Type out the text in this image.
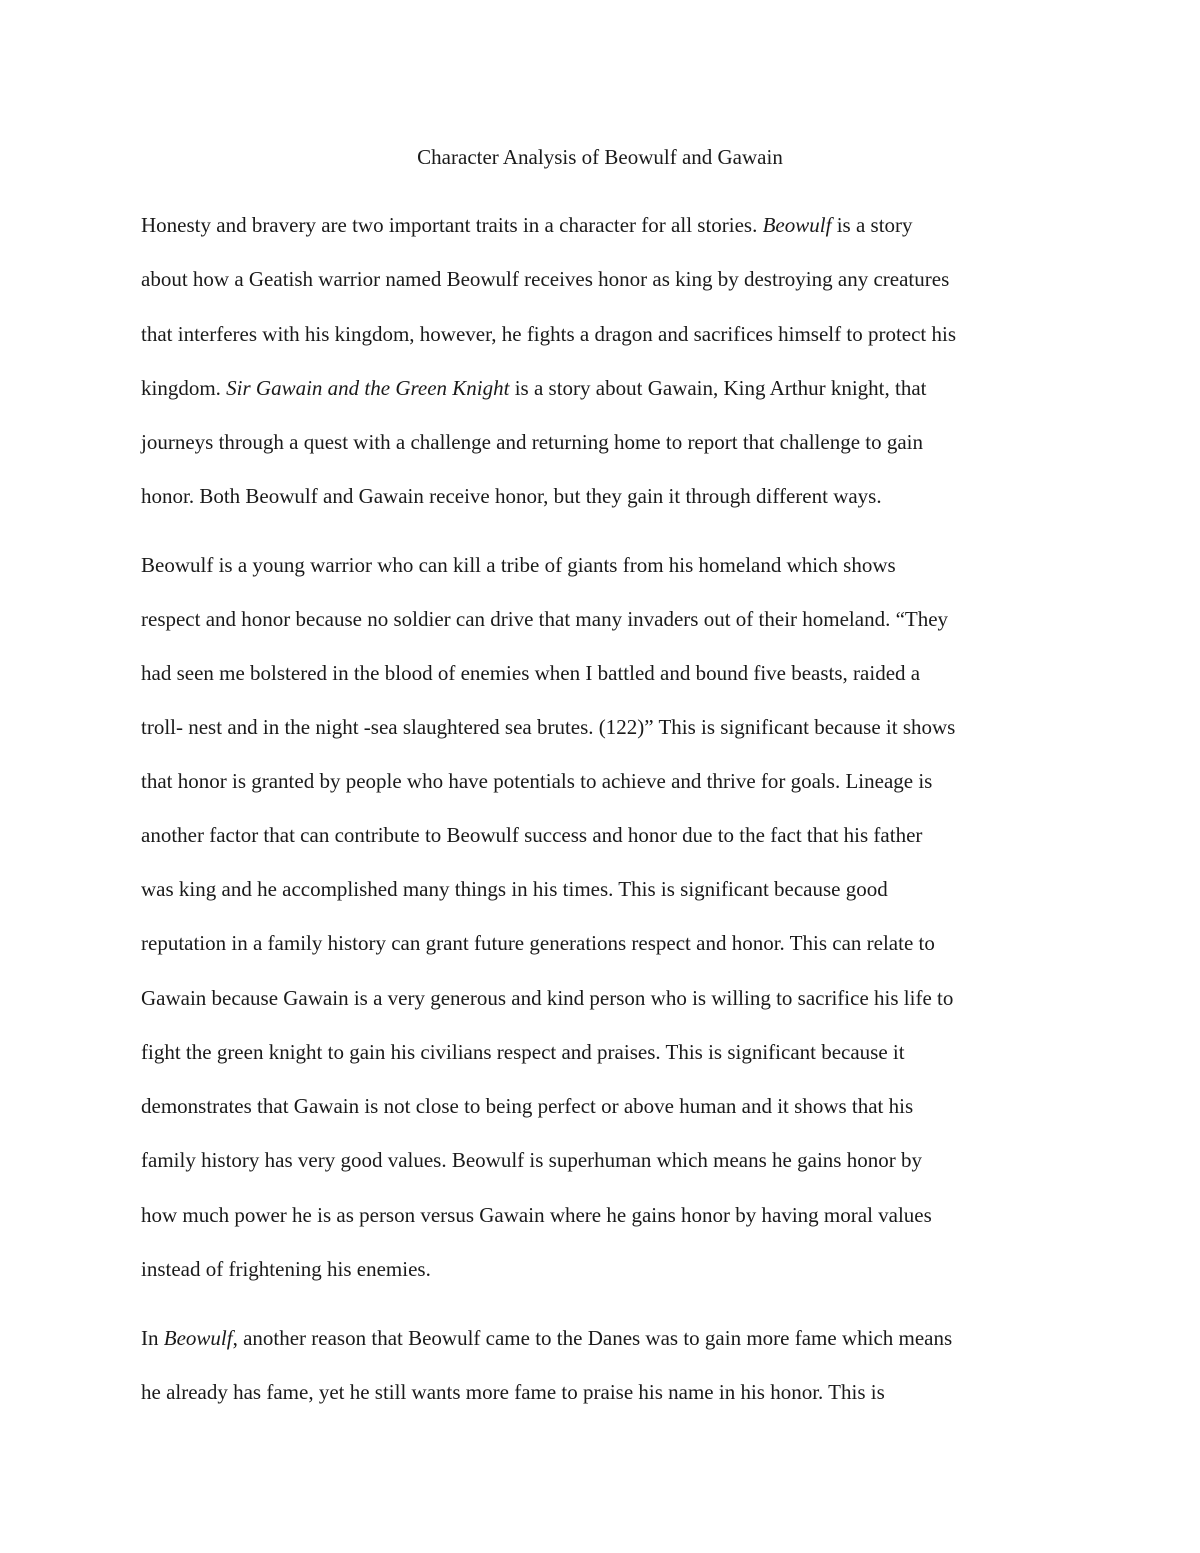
Character Analysis of Beowulf and Gawain

Honesty and bravery are two important traits in a character for all stories. Beowulf is a story

about how a Geatish warrior named Beowulf receives honor as king by destroying any creatures

that interferes with his kingdom, however, he fights a dragon and sacrifices himself to protect his

kingdom. Sir Gawain and the Green Knight is a story about Gawain, King Arthur knight, that

journeys through a quest with a challenge and returning home to report that challenge to gain

honor. Both Beowulf and Gawain receive honor, but they gain it through different ways.

Beowulf is a young warrior who can kill a tribe of giants from his homeland which shows

respect and honor because no soldier can drive that many invaders out of their homeland. “They

had seen me bolstered in the blood of enemies when I battled and bound five beasts, raided a

troll- nest and in the night -sea slaughtered sea brutes. (122)” This is significant because it shows

that honor is granted by people who have potentials to achieve and thrive for goals. Lineage is

another factor that can contribute to Beowulf success and honor due to the fact that his father

was king and he accomplished many things in his times. This is significant because good

reputation in a family history can grant future generations respect and honor. This can relate to

Gawain because Gawain is a very generous and kind person who is willing to sacrifice his life to

fight the green knight to gain his civilians respect and praises. This is significant because it

demonstrates that Gawain is not close to being perfect or above human and it shows that his

family history has very good values. Beowulf is superhuman which means he gains honor by

how much power he is as person versus Gawain where he gains honor by having moral values

instead of frightening his enemies.

In Beowulf, another reason that Beowulf came to the Danes was to gain more fame which means

he already has fame, yet he still wants more fame to praise his name in his honor. This is
